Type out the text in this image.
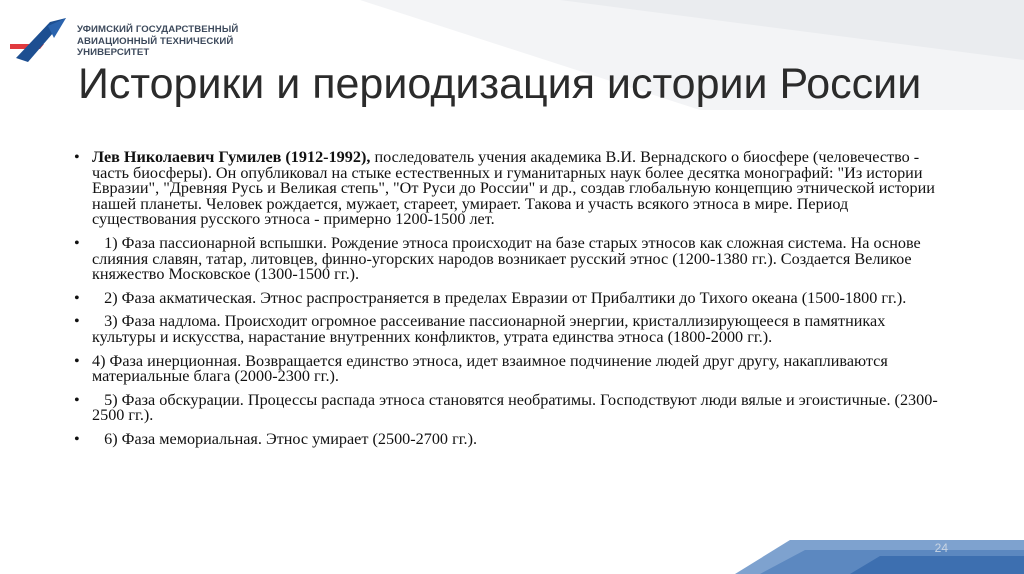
УФИМСКИЙ ГОСУДАРСТВЕННЫЙ
АВИАЦИОННЫЙ ТЕХНИЧЕСКИЙ
УНИВЕРСИТЕТ
Историки и периодизация истории России
• Лев Николаевич Гумилев (1912-1992), последователь учения академика В.И. Вернадского о биосфере (человечество - часть биосферы). Он опубликовал на стыке естественных и гуманитарных наук более десятка монографий: "Из истории Евразии", "Древняя Русь и Великая степь", "От Руси до России" и др., создав глобальную концепцию этнической истории нашей планеты. Человек рождается, мужает, стареет, умирает. Такова и участь всякого этноса в мире. Период существования русского этноса - примерно 1200-1500 лет.
• 1) Фаза пассионарной вспышки. Рождение этноса происходит на базе старых этносов как сложная система. На основе слияния славян, татар, литовцев, финно-угорских народов возникает русский этнос (1200-1380 гг.). Создается Великое княжество Московское (1300-1500 гг.).
• 2) Фаза акматическая. Этнос распространяется в пределах Евразии от Прибалтики до Тихого океана (1500-1800 гг.).
• 3) Фаза надлома. Происходит огромное рассеивание пассионарной энергии, кристаллизирующееся в памятниках культуры и искусства, нарастание внутренних конфликтов, утрата единства этноса (1800-2000 гг.).
• 4) Фаза инерционная. Возвращается единство этноса, идет взаимное подчинение людей друг другу, накапливаются материальные блага (2000-2300 гг.).
• 5) Фаза обскурации. Процессы распада этноса становятся необратимы. Господствуют люди вялые и эгоистичные. (2300-2500 гг.).
• 6) Фаза мемориальная. Этнос умирает (2500-2700 гг.).
24
